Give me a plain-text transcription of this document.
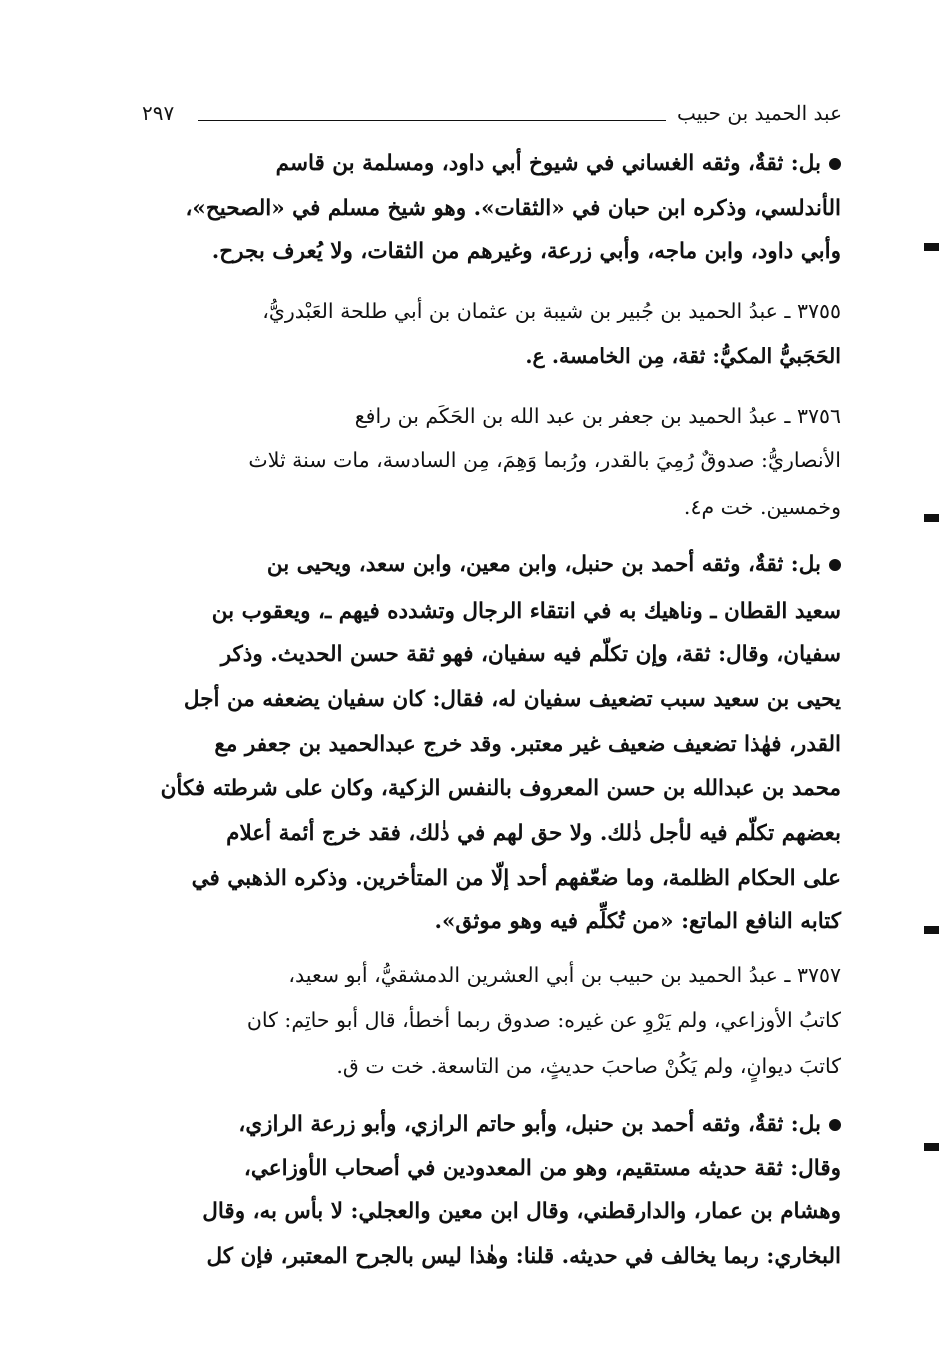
عبد الحميد بن حبيب
٢٩٧
بل: ثقةٌ، وثقه الغساني في شيوخ أبي داود، ومسلمة بن قاسم
الأندلسي، وذكره ابن حبان في «الثقات». وهو شيخ مسلم في «الصحيح»،
وأبي داود، وابن ماجه، وأبي زرعة، وغيرهم من الثقات، ولا يُعرف بجرح.
٣٧٥٥ ـ عبدُ الحميد بن جُبير بن شيبة بن عثمان بن أبي طلحة العَبْدريُّ،
الحَجَبيُّ المكيُّ: ثقة، مِن الخامسة. ع.
٣٧٥٦ ـ عبدُ الحميد بن جعفر بن عبد الله بن الحَكَم بن رافع
الأنصاريُّ: صدوقٌ رُمِيَ بالقدر، ورُبما وَهِمَ، مِن السادسة، مات سنة ثلاث
وخمسين. خت م٤.
بل: ثقةٌ، وثقه أحمد بن حنبل، وابن معين، وابن سعد، ويحيى بن
سعيد القطان ـ وناهيك به في انتقاء الرجال وتشدده فيهم ـ، ويعقوب بن
سفيان، وقال: ثقة، وإن تكلّم فيه سفيان، فهو ثقة حسن الحديث. وذكر
يحيى بن سعيد سبب تضعيف سفيان له، فقال: كان سفيان يضعفه من أجل
القدر، فهٰذا تضعيف ضعيف غير معتبر. وقد خرج عبدالحميد بن جعفر مع
محمد بن عبدالله بن حسن المعروف بالنفس الزكية، وكان على شرطته فكأن
بعضهم تكلّم فيه لأجل ذٰلك. ولا حق لهم في ذٰلك، فقد خرج أئمة أعلام
على الحكام الظلمة، وما ضعّفهم أحد إلّا من المتأخرين. وذكره الذهبي في
كتابه النافع الماتع: «من تُكلِّم فيه وهو موثق».
٣٧٥٧ ـ عبدُ الحميد بن حبيب بن أبي العشرين الدمشقيُّ، أبو سعيد،
كاتبُ الأوزاعي، ولم يَرْوِ عن غيره: صدوق ربما أخطأ، قال أبو حاتِم: كان
كاتبَ ديوانٍ، ولم يَكُنْ صاحبَ حديثٍ، من التاسعة. خت ت ق.
بل: ثقةٌ، وثقه أحمد بن حنبل، وأبو حاتم الرازي، وأبو زرعة الرازي،
وقال: ثقة حديثه مستقيم، وهو من المعدودين في أصحاب الأوزاعي،
وهشام بن عمار، والدارقطني، وقال ابن معين والعجلي: لا بأس به، وقال
البخاري: ربما يخالف في حديثه. قلنا: وهٰذا ليس بالجرح المعتبر، فإن كل
